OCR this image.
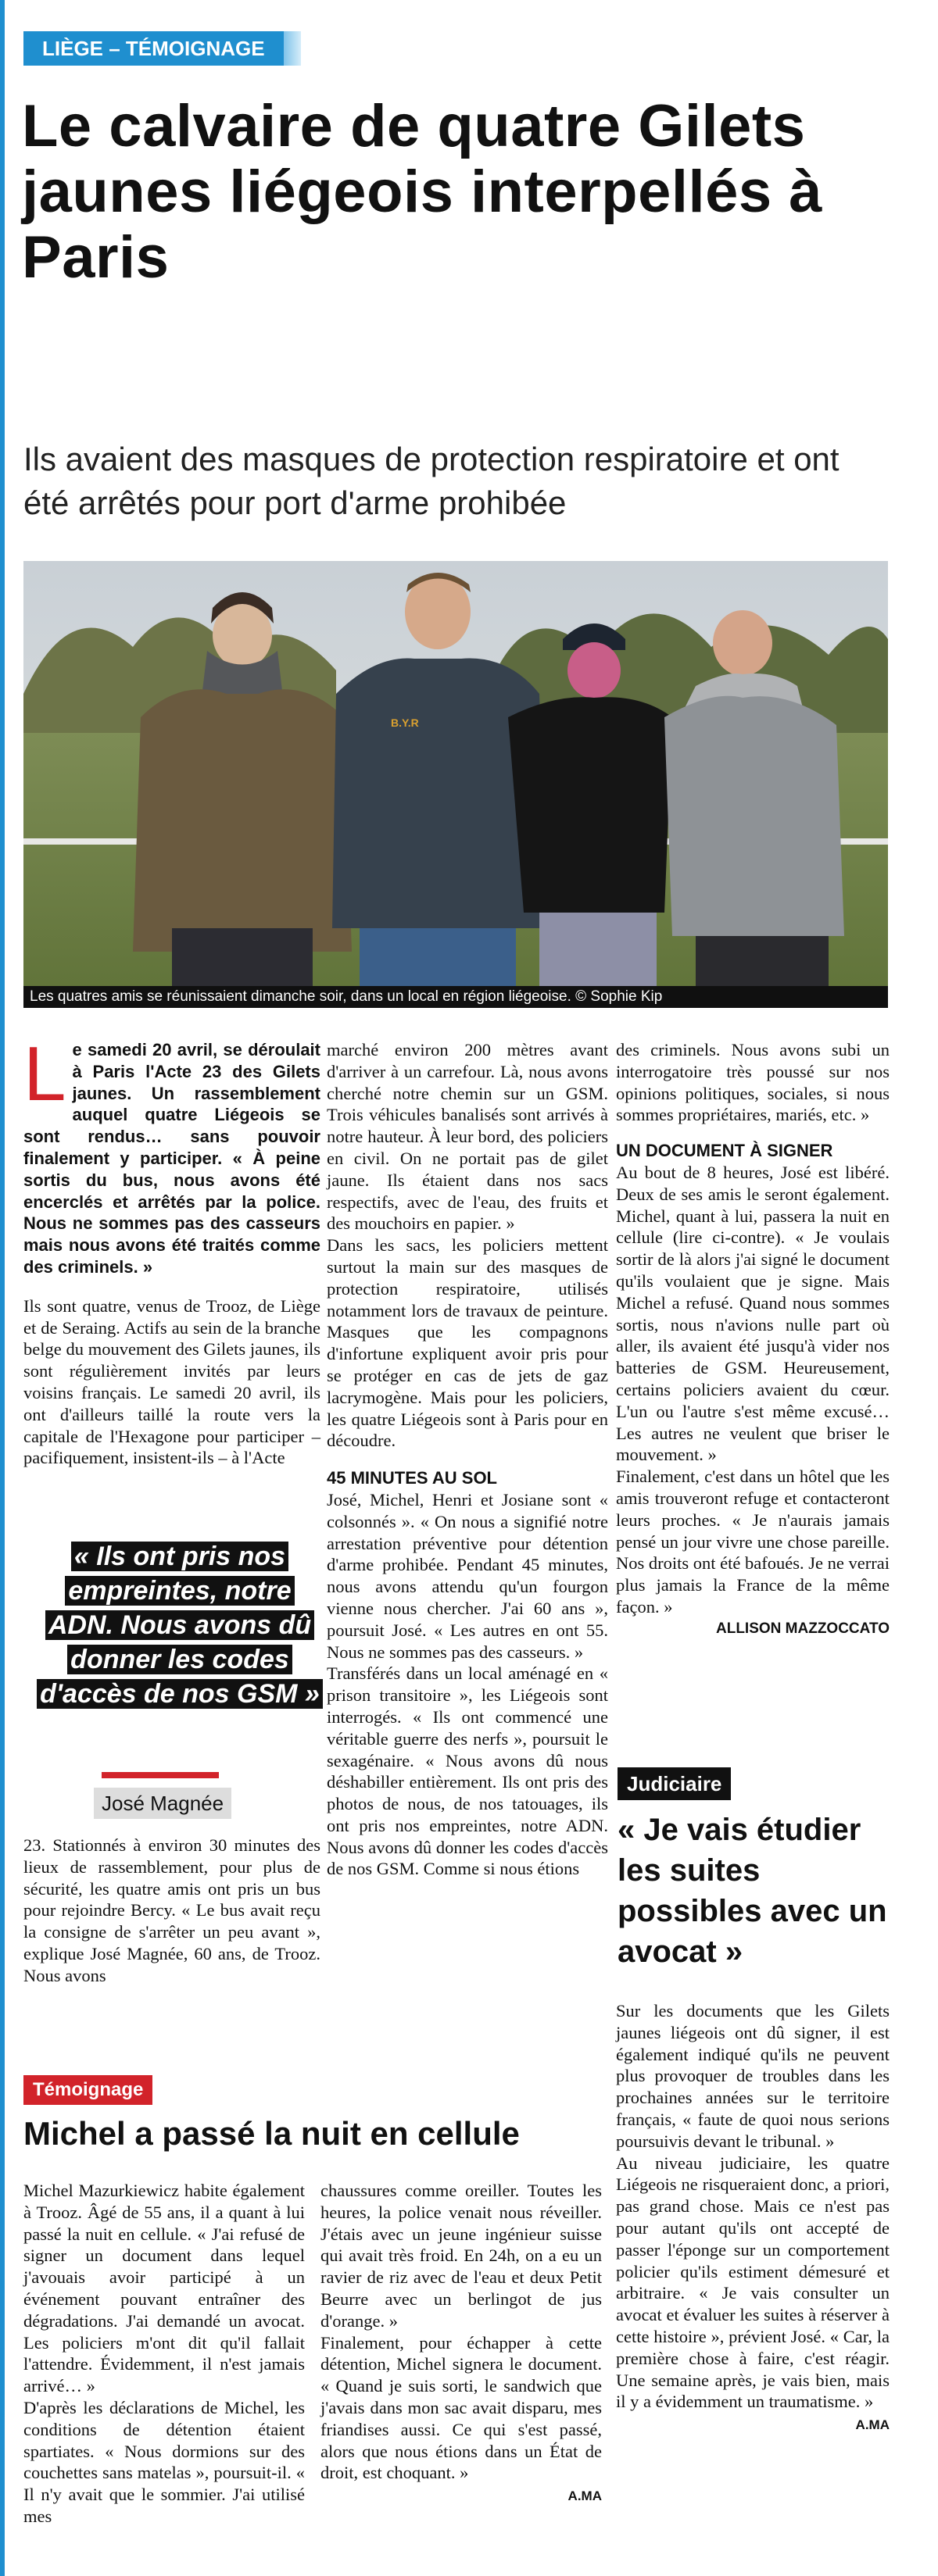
LIÈGE – TÉMOIGNAGE
Le calvaire de quatre Gilets jaunes liégeois interpellés à Paris
Ils avaient des masques de protection respiratoire et ont été arrêtés pour port d'arme prohibée
B.Y.R
Les quatres amis se réunissaient dimanche soir, dans un local en région liégeoise. © Sophie Kip
L e samedi 20 avril, se déroulait à Paris l'Acte 23 des Gilets jaunes. Un rassemblement auquel quatre Liégeois se sont rendus… sans pouvoir finalement y participer. « À peine sortis du bus, nous avons été encerclés et arrêtés par la police. Nous ne sommes pas des casseurs mais nous avons été traités comme des criminels. »

Ils sont quatre, venus de Trooz, de Liège et de Seraing. Actifs au sein de la branche belge du mouvement des Gilets jaunes, ils sont régulièrement invités par leurs voisins français. Le samedi 20 avril, ils ont d'ailleurs taillé la route vers la capitale de l'Hexagone pour participer – pacifiquement, insistent-ils – à l'Acte

« Ils ont pris nos empreintes, notre ADN. Nous avons dû donner les codes d'accès de nos GSM »
José Magnée

23. Stationnés à environ 30 minutes des lieux de rassemblement, pour plus de sécurité, les quatre amis ont pris un bus pour rejoindre Bercy. « Le bus avait reçu la consigne de s'arrêter un peu avant », explique José Magnée, 60 ans, de Trooz. Nous avons

marché environ 200 mètres avant d'arriver à un carrefour. Là, nous avons cherché notre chemin sur un GSM. Trois véhicules banalisés sont arrivés à notre hauteur. À leur bord, des policiers en civil. On ne portait pas de gilet jaune. Ils étaient dans nos sacs respectifs, avec de l'eau, des fruits et des mouchoirs en papier. »

Dans les sacs, les policiers mettent surtout la main sur des masques de protection respiratoire, utilisés notamment lors de travaux de peinture. Masques que les compagnons d'infortune expliquent avoir pris pour se protéger en cas de jets de gaz lacrymogène. Mais pour les policiers, les quatre Liégeois sont à Paris pour en découdre.

45 MINUTES AU SOL

José, Michel, Henri et Josiane sont « colsonnés ». « On nous a signifié notre arrestation préventive pour détention d'arme prohibée. Pendant 45 minutes, nous avons attendu qu'un fourgon vienne nous chercher. J'ai 60 ans », poursuit José. « Les autres en ont 55. Nous ne sommes pas des casseurs. »

Transférés dans un local aménagé en « prison transitoire », les Liégeois sont interrogés. « Ils ont commencé une véritable guerre des nerfs », poursuit le sexagénaire. « Nous avons dû nous déshabiller entièrement. Ils ont pris des photos de nous, de nos tatouages, ils ont pris nos empreintes, notre ADN. Nous avons dû donner les codes d'accès de nos GSM. Comme si nous étions

des criminels. Nous avons subi un interrogatoire très poussé sur nos opinions politiques, sociales, si nous sommes propriétaires, mariés, etc. »

UN DOCUMENT À SIGNER

Au bout de 8 heures, José est libéré. Deux de ses amis le seront également. Michel, quant à lui, passera la nuit en cellule (lire ci-contre). « Je voulais sortir de là alors j'ai signé le document qu'ils voulaient que je signe. Mais Michel a refusé. Quand nous sommes sortis, nous n'avions nulle part où aller, ils avaient été jusqu'à vider nos batteries de GSM. Heureusement, certains policiers avaient du cœur. L'un ou l'autre s'est même excusé… Les autres ne veulent que briser le mouvement. »

Finalement, c'est dans un hôtel que les amis trouveront refuge et contacteront leurs proches. « Je n'aurais jamais pensé un jour vivre une chose pareille. Nos droits ont été bafoués. Je ne verrai plus jamais la France de la même façon. »

ALLISON MAZZOCCATO

Judiciaire
« Je vais étudier les suites possibles avec un avocat »

Sur les documents que les Gilets jaunes liégeois ont dû signer, il est également indiqué qu'ils ne peuvent plus provoquer de troubles dans les prochaines années sur le territoire français, « faute de quoi nous serions poursuivis devant le tribunal. »

Au niveau judiciaire, les quatre Liégeois ne risqueraient donc, a priori, pas grand chose. Mais ce n'est pas pour autant qu'ils ont accepté de passer l'éponge sur un comportement policier qu'ils estiment démesuré et arbitraire. « Je vais consulter un avocat et évaluer les suites à réserver à cette histoire », prévient José. « Car, la première chose à faire, c'est réagir. Une semaine après, je vais bien, mais il y a évidemment un traumatisme. »

A.MA

Témoignage
Michel a passé la nuit en cellule

Michel Mazurkiewicz habite également à Trooz. Âgé de 55 ans, il a quant à lui passé la nuit en cellule. « J'ai refusé de signer un document dans lequel j'avouais avoir participé à un événement pouvant entraîner des dégradations. J'ai demandé un avocat. Les policiers m'ont dit qu'il fallait l'attendre. Évidemment, il n'est jamais arrivé… »

D'après les déclarations de Michel, les conditions de détention étaient spartiates. « Nous dormions sur des couchettes sans matelas », poursuit-il. « Il n'y avait que le sommier. J'ai utilisé mes

chaussures comme oreiller. Toutes les heures, la police venait nous réveiller. J'étais avec un jeune ingénieur suisse qui avait très froid. En 24h, on a eu un ravier de riz avec de l'eau et deux Petit Beurre avec un berlingot de jus d'orange. »

Finalement, pour échapper à cette détention, Michel signera le document. « Quand je suis sorti, le sandwich que j'avais dans mon sac avait disparu, mes friandises aussi. Ce qui s'est passé, alors que nous étions dans un État de droit, est choquant. »

A.MA
